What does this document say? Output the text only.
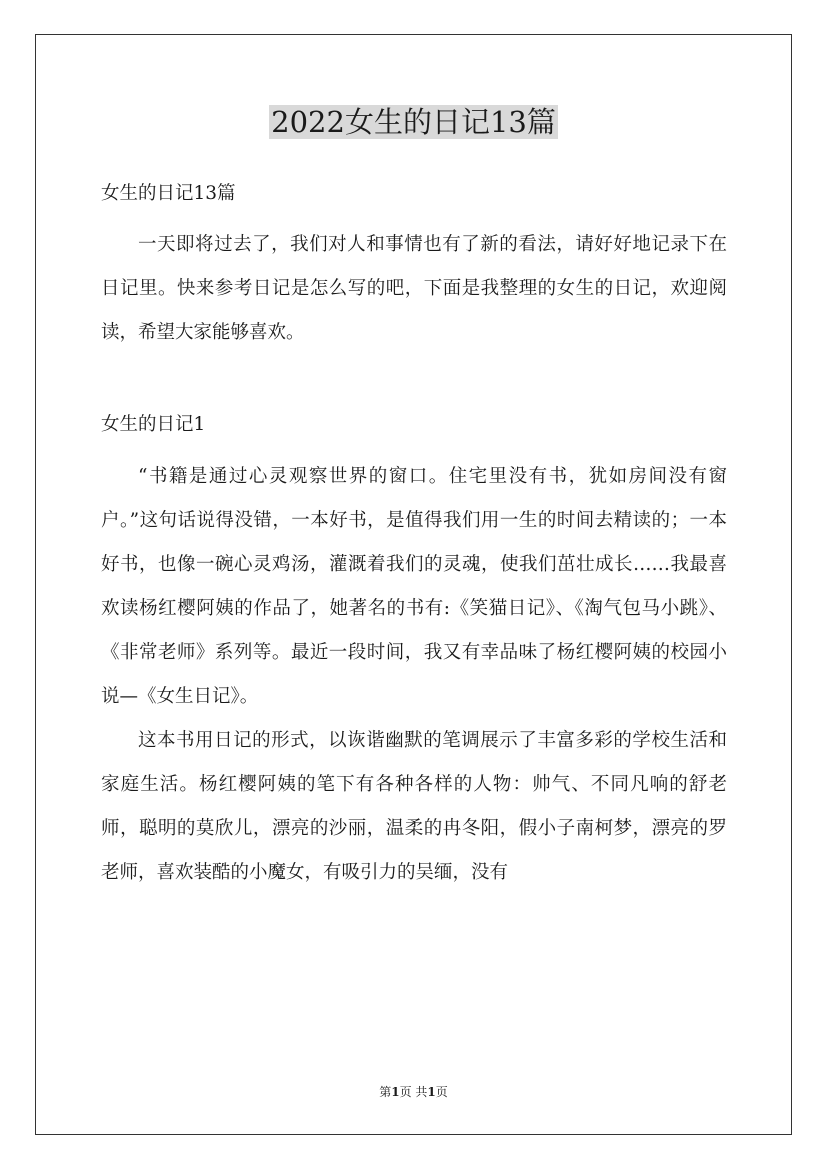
2022女生的日记13篇

女生的日记13篇

一天即将过去了，我们对人和事情也有了新的看法，请好好地记录下在日记里。快来参考日记是怎么写的吧，下面是我整理的女生的日记，欢迎阅读，希望大家能够喜欢。

女生的日记1

“书籍是通过心灵观察世界的窗口。住宅里没有书，犹如房间没有窗户。”这句话说得没错，一本好书，是值得我们用一生的时间去精读的；一本好书，也像一碗心灵鸡汤，灌溉着我们的灵魂，使我们茁壮成长……我最喜欢读杨红樱阿姨的作品了，她著名的书有:《笑猫日记》、《淘气包马小跳》、《非常老师》系列等。最近一段时间，我又有幸品味了杨红樱阿姨的校园小说—《女生日记》。

这本书用日记的形式，以诙谐幽默的笔调展示了丰富多彩的学校生活和家庭生活。杨红樱阿姨的笔下有各种各样的人物：帅气、不同凡响的舒老师，聪明的莫欣儿，漂亮的沙丽，温柔的冉冬阳，假小子南柯梦，漂亮的罗老师，喜欢装酷的小魔女，有吸引力的吴缅，没有

第1页 共1页
